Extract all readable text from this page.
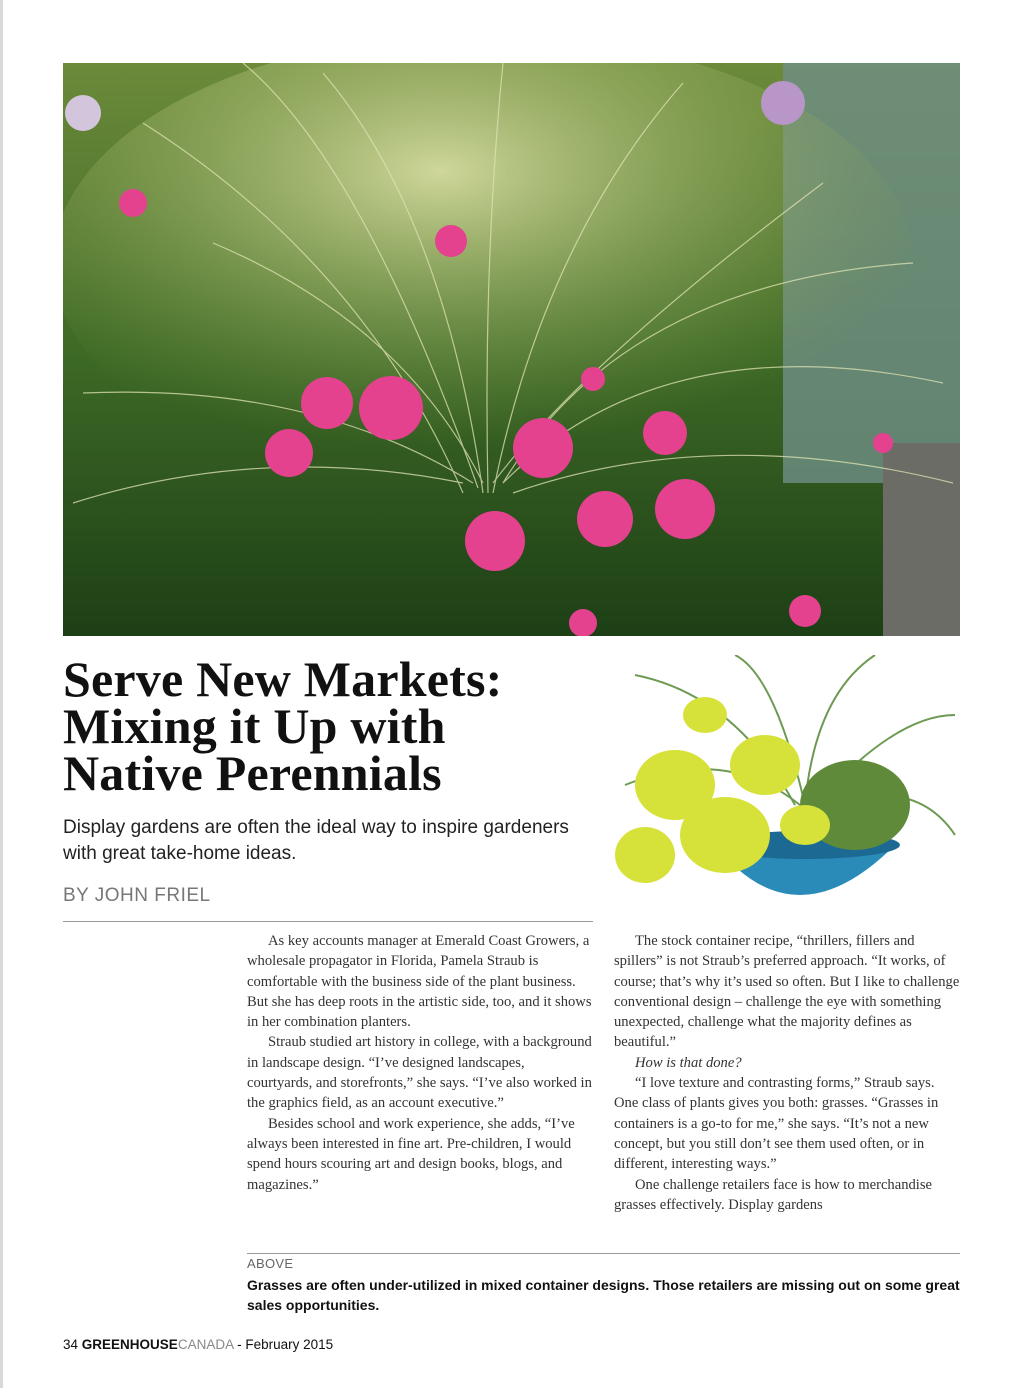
Serve New Markets:
Mixing it Up with
Native Perennials

Display gardens are often the ideal way to inspire gardeners with great take-home ideas.

BY JOHN FRIEL

As key accounts manager at Emerald Coast Growers, a wholesale propagator in Florida, Pamela Straub is comfortable with the business side of the plant business. But she has deep roots in the artistic side, too, and it shows in her combination planters.

Straub studied art history in college, with a background in landscape design. “I’ve designed landscapes, courtyards, and storefronts,” she says. “I’ve also worked in the graphics field, as an account executive.”

Besides school and work experience, she adds, “I’ve always been interested in fine art. Pre-children, I would spend hours scouring art and design books, blogs, and magazines.”

The stock container recipe, “thrillers, fillers and spillers” is not Straub’s preferred approach. “It works, of course; that’s why it’s used so often. But I like to challenge conventional design – challenge the eye with something unexpected, challenge what the majority defines as beautiful.”

How is that done?

“I love texture and contrasting forms,” Straub says. One class of plants gives you both: grasses. “Grasses in containers is a go-to for me,” she says. “It’s not a new concept, but you still don’t see them used often, or in different, interesting ways.”

One challenge retailers face is how to merchandise grasses effectively. Display gardens

ABOVE

Grasses are often under-utilized in mixed container designs. Those retailers are missing out on some great sales opportunities.

34 GREENHOUSECANADA - February 2015
